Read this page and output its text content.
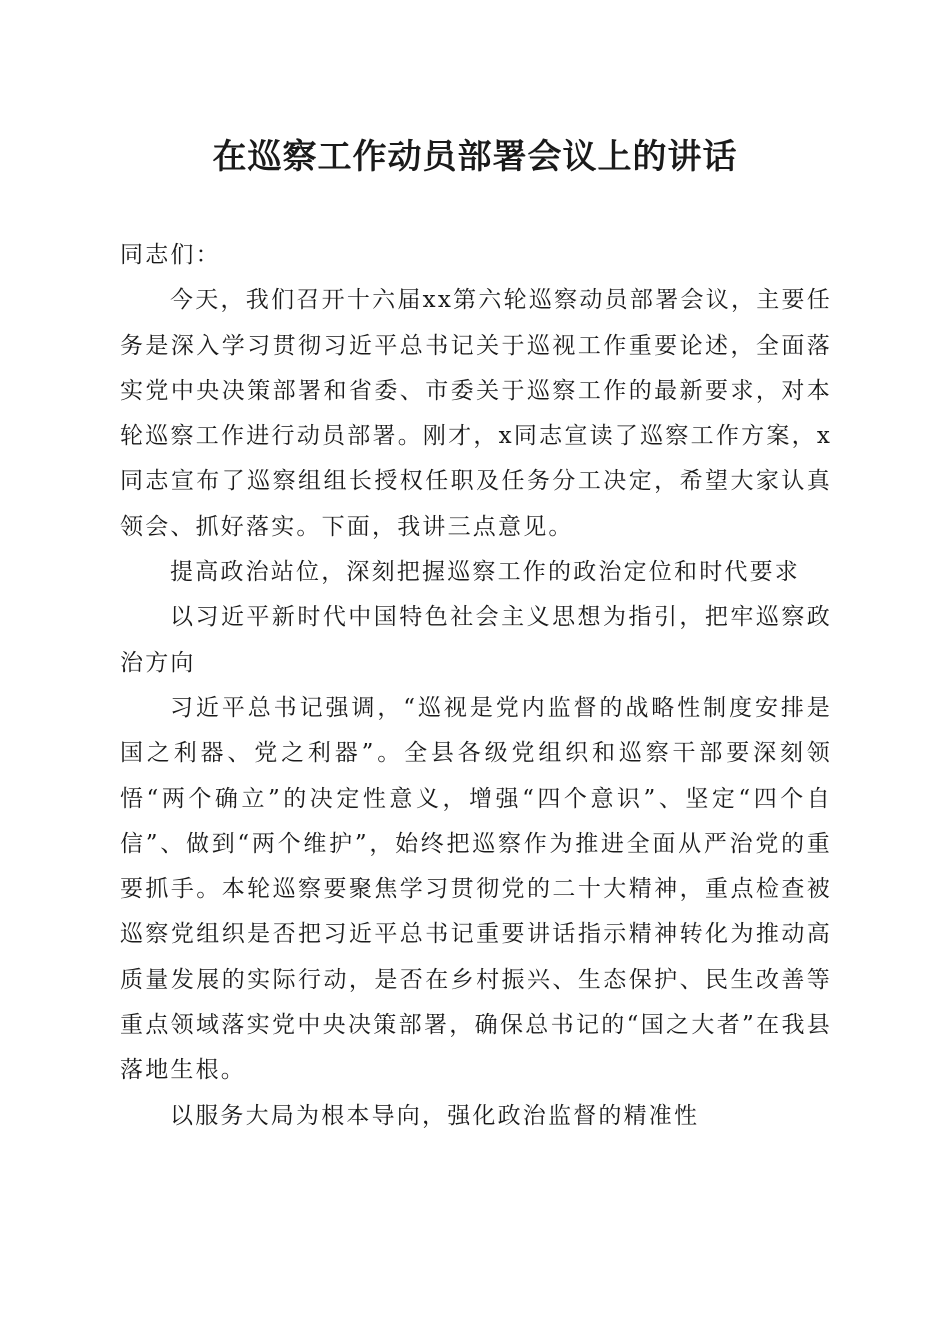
在巡察工作动员部署会议上的讲话

同志们：

今天，我们召开十六届xx第六轮巡察动员部署会议，主要任务是深入学习贯彻习近平总书记关于巡视工作重要论述，全面落实党中央决策部署和省委、市委关于巡察工作的最新要求，对本轮巡察工作进行动员部署。刚才，x同志宣读了巡察工作方案，x同志宣布了巡察组组长授权任职及任务分工决定，希望大家认真领会、抓好落实。下面，我讲三点意见。

提高政治站位，深刻把握巡察工作的政治定位和时代要求

以习近平新时代中国特色社会主义思想为指引，把牢巡察政治方向

习近平总书记强调，“巡视是党内监督的战略性制度安排是国之利器、党之利器”。全县各级党组织和巡察干部要深刻领悟“两个确立”的决定性意义，增强“四个意识”、坚定“四个自信”、做到“两个维护”，始终把巡察作为推进全面从严治党的重要抓手。本轮巡察要聚焦学习贯彻党的二十大精神，重点检查被巡察党组织是否把习近平总书记重要讲话指示精神转化为推动高质量发展的实际行动，是否在乡村振兴、生态保护、民生改善等重点领域落实党中央决策部署，确保总书记的“国之大者”在我县落地生根。

以服务大局为根本导向，强化政治监督的精准性
